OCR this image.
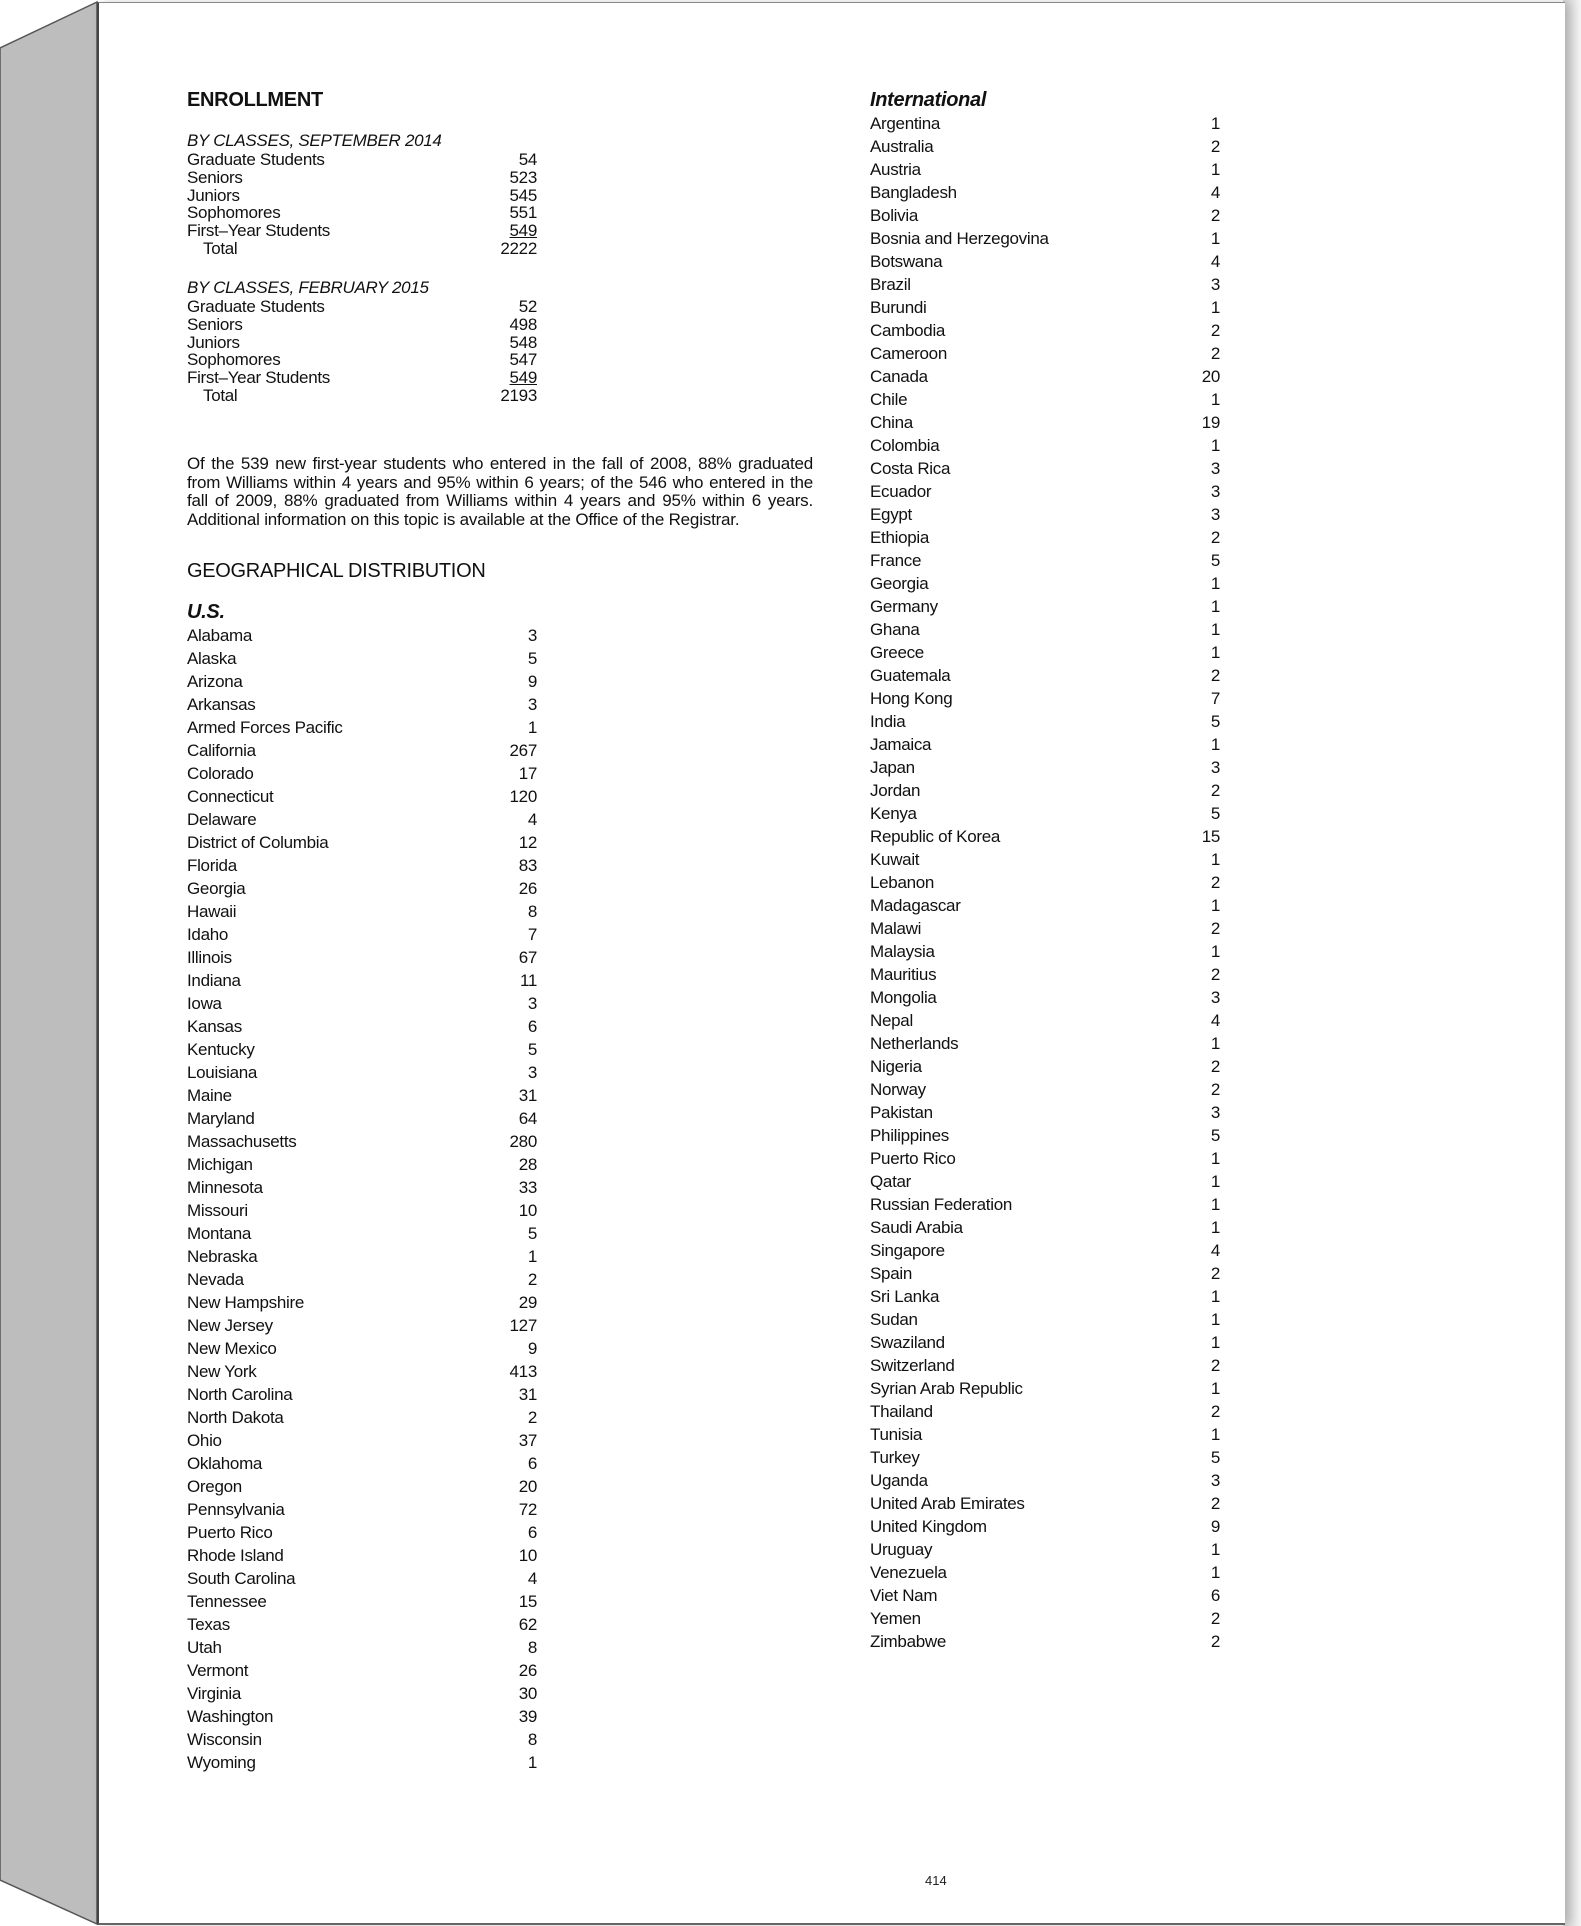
ENROLLMENT
BY CLASSES, SEPTEMBER 2014
Graduate Students	54
Seniors	523
Juniors	545
Sophomores	551
First–Year Students	549
Total	2222
BY CLASSES, FEBRUARY 2015
Graduate Students	52
Seniors	498
Juniors	548
Sophomores	547
First–Year Students	549
Total	2193
Of the 539 new first-year students who entered in the fall of 2008, 88% graduated from Williams within 4 years and 95% within 6 years; of the 546 who entered in the fall of 2009, 88% graduated from Williams within 4 years and 95% within 6 years. Additional information on this topic is available at the Office of the Registrar.
GEOGRAPHICAL DISTRIBUTION
U.S.
Alabama	3
Alaska	5
Arizona	9
Arkansas	3
Armed Forces Pacific	1
California	267
Colorado	17
Connecticut	120
Delaware	4
District of Columbia	12
Florida	83
Georgia	26
Hawaii	8
Idaho	7
Illinois	67
Indiana	11
Iowa	3
Kansas	6
Kentucky	5
Louisiana	3
Maine	31
Maryland	64
Massachusetts	280
Michigan	28
Minnesota	33
Missouri	10
Montana	5
Nebraska	1
Nevada	2
New Hampshire	29
New Jersey	127
New Mexico	9
New York	413
North Carolina	31
North Dakota	2
Ohio	37
Oklahoma	6
Oregon	20
Pennsylvania	72
Puerto Rico	6
Rhode Island	10
South Carolina	4
Tennessee	15
Texas	62
Utah	8
Vermont	26
Virginia	30
Washington	39
Wisconsin	8
Wyoming	1
International
Argentina	1
Australia	2
Austria	1
Bangladesh	4
Bolivia	2
Bosnia and Herzegovina	1
Botswana	4
Brazil	3
Burundi	1
Cambodia	2
Cameroon	2
Canada	20
Chile	1
China	19
Colombia	1
Costa Rica	3
Ecuador	3
Egypt	3
Ethiopia	2
France	5
Georgia	1
Germany	1
Ghana	1
Greece	1
Guatemala	2
Hong Kong	7
India	5
Jamaica	1
Japan	3
Jordan	2
Kenya	5
Republic of Korea	15
Kuwait	1
Lebanon	2
Madagascar	1
Malawi	2
Malaysia	1
Mauritius	2
Mongolia	3
Nepal	4
Netherlands	1
Nigeria	2
Norway	2
Pakistan	3
Philippines	5
Puerto Rico	1
Qatar	1
Russian Federation	1
Saudi Arabia	1
Singapore	4
Spain	2
Sri Lanka	1
Sudan	1
Swaziland	1
Switzerland	2
Syrian Arab Republic	1
Thailand	2
Tunisia	1
Turkey	5
Uganda	3
United Arab Emirates	2
United Kingdom	9
Uruguay	1
Venezuela	1
Viet Nam	6
Yemen	2
Zimbabwe	2
414
